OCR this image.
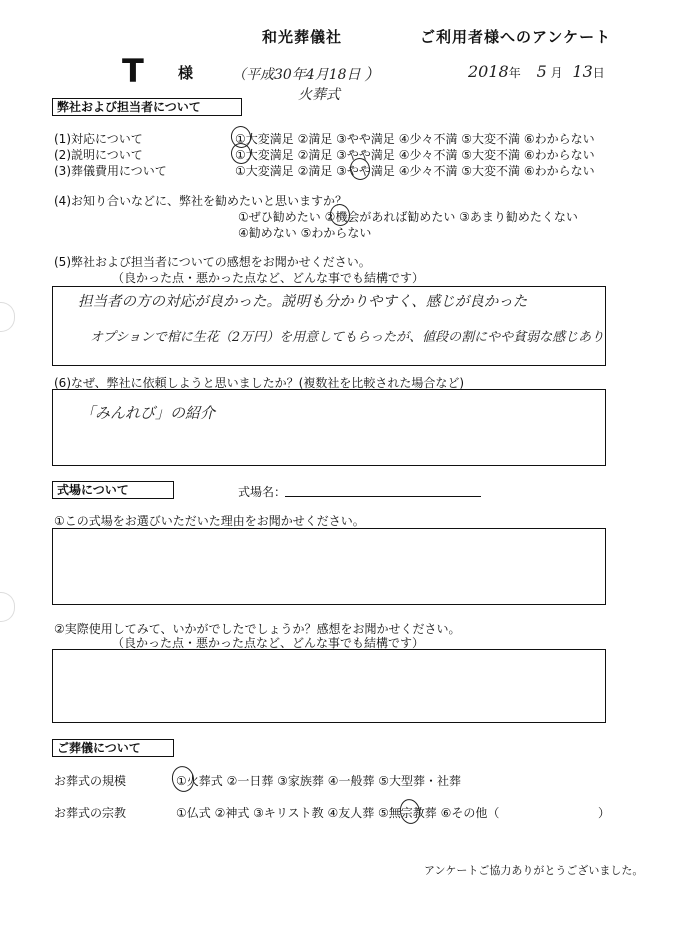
和光葬儀社	ご利用者様へのアンケート
T 様	（平成30年4月18日 ）
火葬式
2018年 5 月 13日
弊社および担当者について
(1)対応について	①大変満足 ②満足 ③やや満足 ④少々不満 ⑤大変不満 ⑥わからない
(2)説明について	①大変満足 ②満足 ③やや満足 ④少々不満 ⑤大変不満 ⑥わからない
(3)葬儀費用について	①大変満足 ②満足 ③やや満足 ④少々不満 ⑤大変不満 ⑥わからない
(4)お知り合いなどに、弊社を勧めたいと思いますか？
①ぜひ勧めたい ②機会があれば勧めたい ③あまり勧めたくない
④勧めない ⑤わからない
(5)弊社および担当者についての感想をお聞かせください。
（良かった点・悪かった点など、どんな事でも結構です）
担当者の方の対応が良かった。説明も分かりやすく、感じが良かった
オプションで棺に生花（2万円）を用意してもらったが、値段の割にやや貧弱な感じあり
(6)なぜ、弊社に依頼しようと思いましたか？(複数社を比較された場合など)
「みんれび」の紹介
式場について	式場名：
①この式場をお選びいただいた理由をお聞かせください。
②実際使用してみて、いかがでしたでしょうか？感想をお聞かせください。
（良かった点・悪かった点など、どんな事でも結構です）
ご葬儀について
お葬式の規模	①火葬式 ②一日葬 ③家族葬 ④一般葬 ⑤大型葬・社葬
お葬式の宗教	①仏式 ②神式 ③キリスト教 ④友人葬 ⑤無宗教葬 ⑥その他（	）
アンケートご協力ありがとうございました。
